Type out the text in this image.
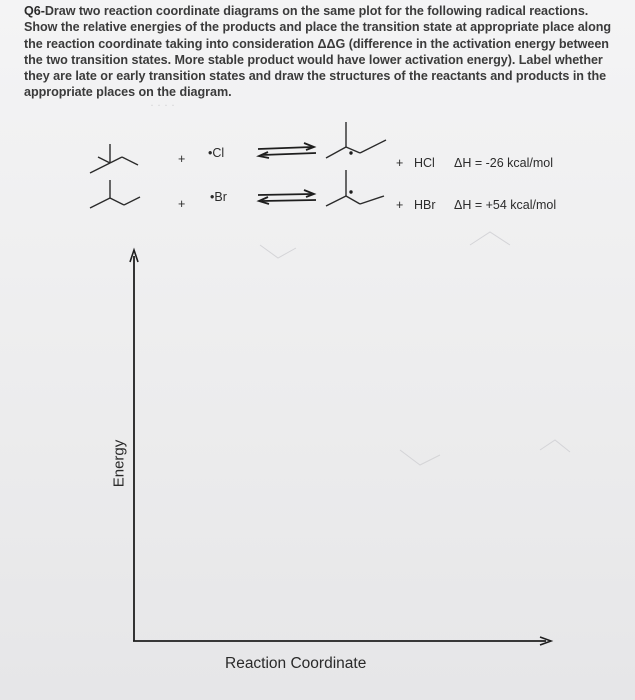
Q6-Draw two reaction coordinate diagrams on the same plot for the following radical reactions. Show the relative energies of the products and place the transition state at appropriate place along the reaction coordinate taking into consideration ΔΔG (difference in the activation energy between the two transition states. More stable product would have lower activation energy). Label whether they are late or early transition states and draw the structures of the reactants and products in the appropriate places on the diagram.
· · · ·
+ •Cl
+ HCl ΔH = -26 kcal/mol
+ •Br
+ HBr ΔH = +54 kcal/mol
Energy
Reaction Coordinate
